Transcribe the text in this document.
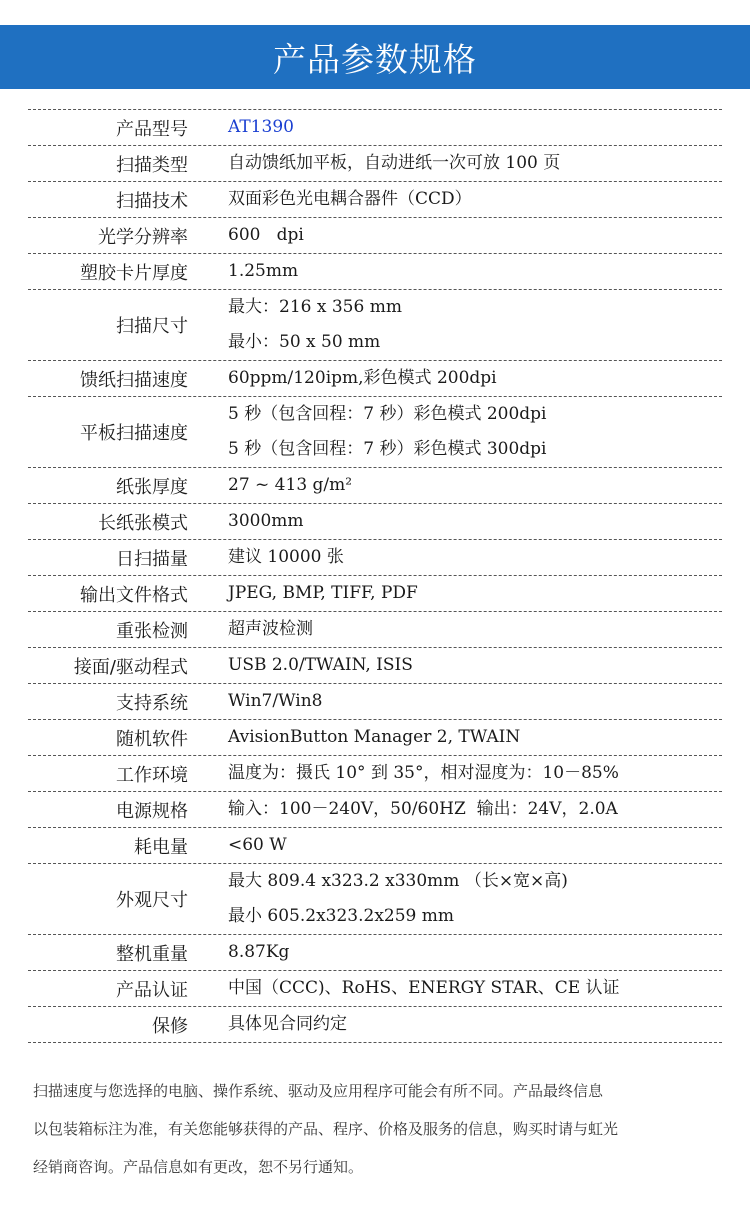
产品参数规格
产品型号 AT1390
扫描类型 自动馈纸加平板，自动进纸一次可放 100 页
扫描技术 双面彩色光电耦合器件（CCD）
光学分辨率 600   dpi
塑胶卡片厚度 1.25mm
扫描尺寸
最大：216 x 356 mm
最小：50 x 50 mm
馈纸扫描速度 60ppm/120ipm,彩色模式 200dpi
平板扫描速度
5 秒（包含回程：7 秒）彩色模式 200dpi
5 秒（包含回程：7 秒）彩色模式 300dpi
纸张厚度 27 ~ 413 g/m²
长纸张模式 3000mm
日扫描量 建议 10000 张
输出文件格式 JPEG, BMP, TIFF, PDF
重张检测 超声波检测
接面/驱动程式 USB 2.0/TWAIN, ISIS
支持系统 Win7/Win8
随机软件 AvisionButton Manager 2, TWAIN
工作环境 温度为：摄氏 10° 到 35°，相对湿度为：10－85%
电源规格 输入：100－240V，50/60HZ  输出：24V，2.0A
耗电量 <60 W
外观尺寸
最大 809.4 x323.2 x330mm （长×宽×高)
最小 605.2x323.2x259 mm
整机重量 8.87Kg
产品认证 中国（CCC)、RoHS、ENERGY STAR、CE 认证
保修 具体见合同约定
扫描速度与您选择的电脑、操作系统、驱动及应用程序可能会有所不同。产品最终信息
以包装箱标注为准，有关您能够获得的产品、程序、价格及服务的信息，购买时请与虹光
经销商咨询。产品信息如有更改，恕不另行通知。
